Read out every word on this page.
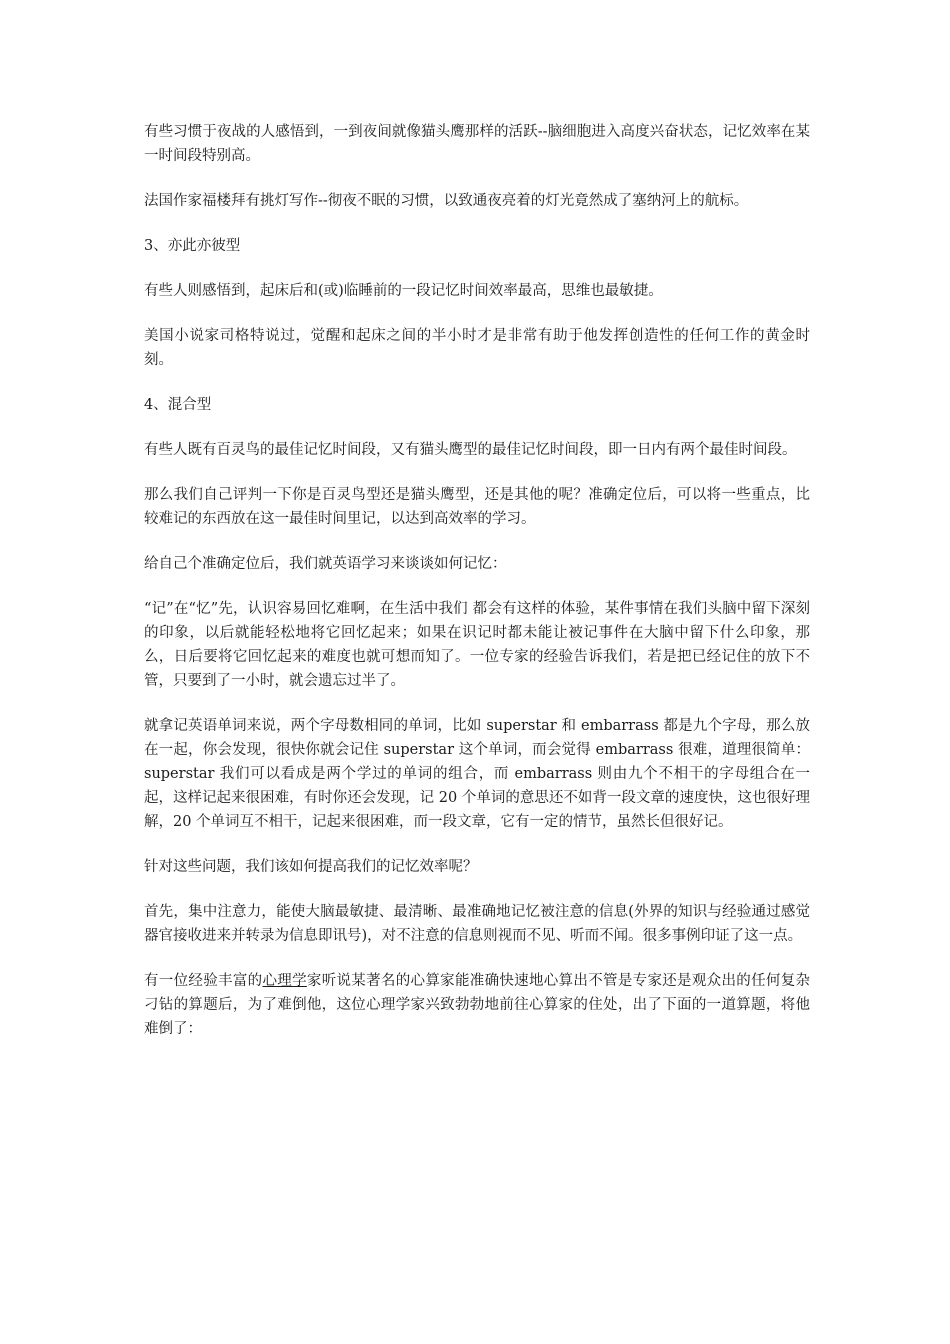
有些习惯于夜战的人感悟到，一到夜间就像猫头鹰那样的活跃--脑细胞进入高度兴奋状态，记忆效率在某一时间段特别高。

法国作家福楼拜有挑灯写作--彻夜不眠的习惯，以致通夜亮着的灯光竟然成了塞纳河上的航标。

3、亦此亦彼型

有些人则感悟到，起床后和(或)临睡前的一段记忆时间效率最高，思维也最敏捷。

美国小说家司格特说过，觉醒和起床之间的半小时才是非常有助于他发挥创造性的任何工作的黄金时刻。

4、混合型

有些人既有百灵鸟的最佳记忆时间段，又有猫头鹰型的最佳记忆时间段，即一日内有两个最佳时间段。

那么我们自己评判一下你是百灵鸟型还是猫头鹰型，还是其他的呢？准确定位后，可以将一些重点，比较难记的东西放在这一最佳时间里记，以达到高效率的学习。

给自己个准确定位后，我们就英语学习来谈谈如何记忆：

“记”在“忆”先，认识容易回忆难啊，在生活中我们 都会有这样的体验，某件事情在我们头脑中留下深刻的印象，以后就能轻松地将它回忆起来；如果在识记时都未能让被记事件在大脑中留下什么印象，那么，日后要将它回忆起来的难度也就可想而知了。一位专家的经验告诉我们，若是把已经记住的放下不管，只要到了一小时，就会遗忘过半了。

就拿记英语单词来说，两个字母数相同的单词，比如 superstar 和 embarrass 都是九个字母，那么放在一起，你会发现，很快你就会记住 superstar 这个单词，而会觉得 embarrass 很难，道理很简单：superstar 我们可以看成是两个学过的单词的组合，而 embarrass 则由九个不相干的字母组合在一起，这样记起来很困难，有时你还会发现，记 20 个单词的意思还不如背一段文章的速度快，这也很好理解，20 个单词互不相干，记起来很困难，而一段文章，它有一定的情节，虽然长但很好记。

针对这些问题，我们该如何提高我们的记忆效率呢？

首先，集中注意力，能使大脑最敏捷、最清晰、最准确地记忆被注意的信息(外界的知识与经验通过感觉器官接收进来并转录为信息即讯号)，对不注意的信息则视而不见、听而不闻。很多事例印证了这一点。

有一位经验丰富的心理学家听说某著名的心算家能准确快速地心算出不管是专家还是观众出的任何复杂刁钻的算题后，为了难倒他，这位心理学家兴致勃勃地前往心算家的住处，出了下面的一道算题，将他难倒了：
